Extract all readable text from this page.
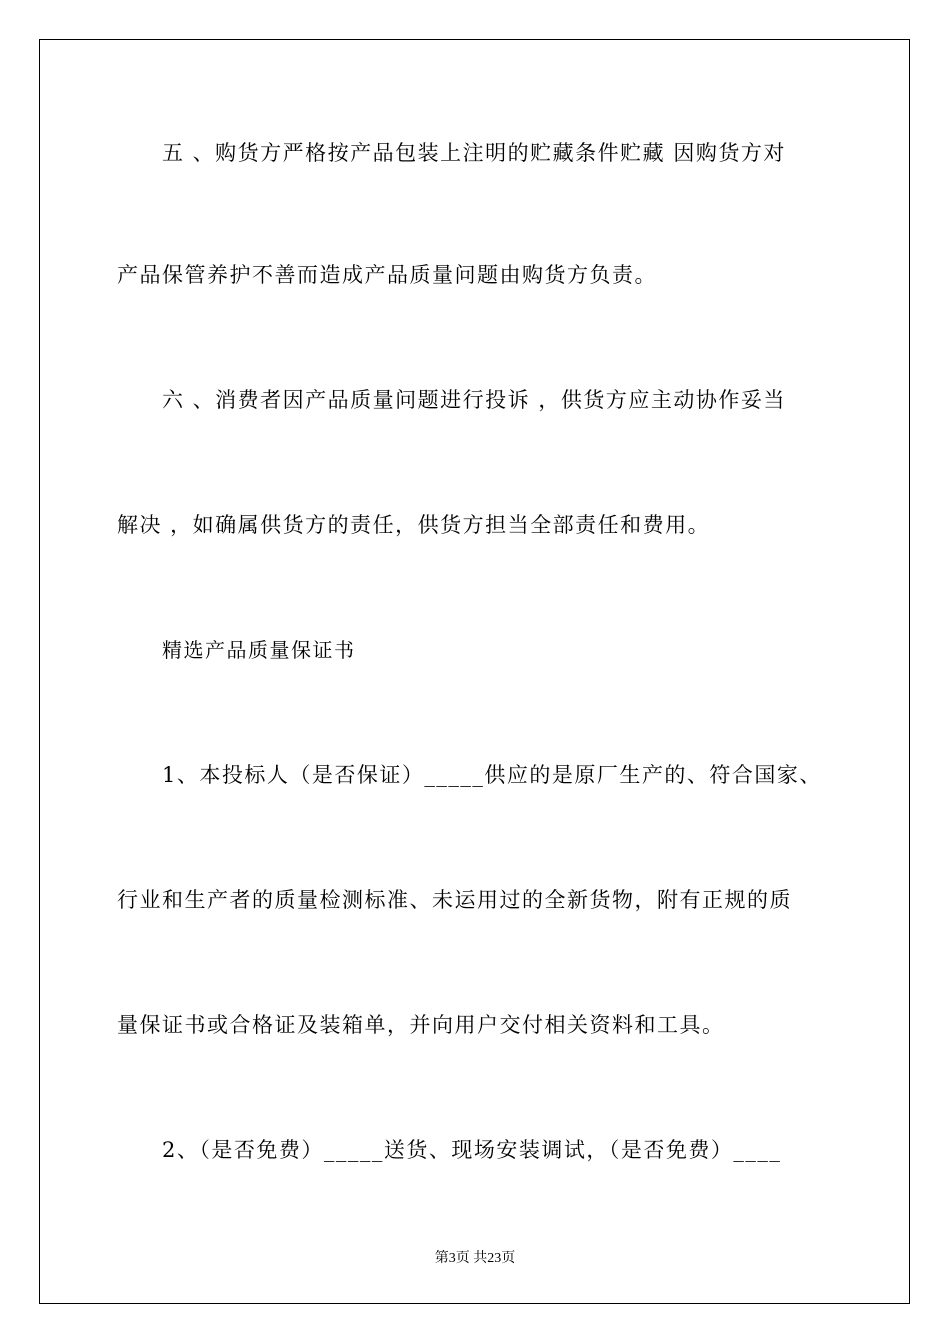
五 、购货方严格按产品包装上注明的贮藏条件贮藏 因购货方对
产品保管养护不善而造成产品质量问题由购货方负责。
六 、消费者因产品质量问题进行投诉 ，供货方应主动协作妥当
解决 ，如确属供货方的责任，供货方担当全部责任和费用。
精选产品质量保证书
1、本投标人（是否保证）_____供应的是原厂生产的、符合国家、
行业和生产者的质量检测标准、未运用过的全新货物，附有正规的质
量保证书或合格证及装箱单，并向用户交付相关资料和工具。
2、（是否免费）_____送货、现场安装调试，（是否免费）____
第3页 共23页
